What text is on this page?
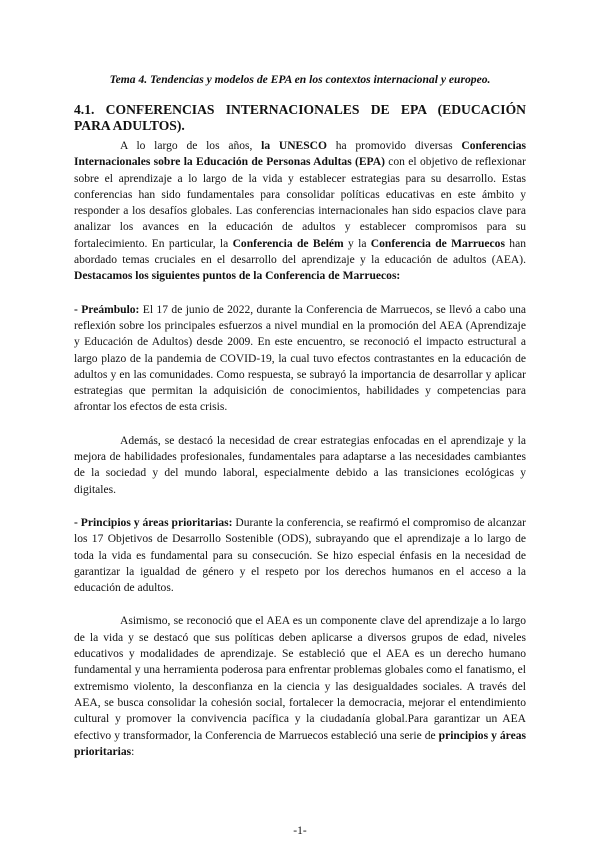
Tema 4. Tendencias y modelos de EPA en los contextos internacional y europeo.

4.1. CONFERENCIAS INTERNACIONALES DE EPA (EDUCACIÓN PARA ADULTOS).

A lo largo de los años, la UNESCO ha promovido diversas Conferencias Internacionales sobre la Educación de Personas Adultas (EPA) con el objetivo de reflexionar sobre el aprendizaje a lo largo de la vida y establecer estrategias para su desarrollo. Estas conferencias han sido fundamentales para consolidar políticas educativas en este ámbito y responder a los desafíos globales. Las conferencias internacionales han sido espacios clave para analizar los avances en la educación de adultos y establecer compromisos para su fortalecimiento. En particular, la Conferencia de Belém y la Conferencia de Marruecos han abordado temas cruciales en el desarrollo del aprendizaje y la educación de adultos (AEA). Destacamos los siguientes puntos de la Conferencia de Marruecos:

- Preámbulo: El 17 de junio de 2022, durante la Conferencia de Marruecos, se llevó a cabo una reflexión sobre los principales esfuerzos a nivel mundial en la promoción del AEA (Aprendizaje y Educación de Adultos) desde 2009. En este encuentro, se reconoció el impacto estructural a largo plazo de la pandemia de COVID-19, la cual tuvo efectos contrastantes en la educación de adultos y en las comunidades. Como respuesta, se subrayó la importancia de desarrollar y aplicar estrategias que permitan la adquisición de conocimientos, habilidades y competencias para afrontar los efectos de esta crisis.

Además, se destacó la necesidad de crear estrategias enfocadas en el aprendizaje y la mejora de habilidades profesionales, fundamentales para adaptarse a las necesidades cambiantes de la sociedad y del mundo laboral, especialmente debido a las transiciones ecológicas y digitales.

- Principios y áreas prioritarias: Durante la conferencia, se reafirmó el compromiso de alcanzar los 17 Objetivos de Desarrollo Sostenible (ODS), subrayando que el aprendizaje a lo largo de toda la vida es fundamental para su consecución. Se hizo especial énfasis en la necesidad de garantizar la igualdad de género y el respeto por los derechos humanos en el acceso a la educación de adultos.

Asimismo, se reconoció que el AEA es un componente clave del aprendizaje a lo largo de la vida y se destacó que sus políticas deben aplicarse a diversos grupos de edad, niveles educativos y modalidades de aprendizaje. Se estableció que el AEA es un derecho humano fundamental y una herramienta poderosa para enfrentar problemas globales como el fanatismo, el extremismo violento, la desconfianza en la ciencia y las desigualdades sociales. A través del AEA, se busca consolidar la cohesión social, fortalecer la democracia, mejorar el entendimiento cultural y promover la convivencia pacífica y la ciudadanía global.Para garantizar un AEA efectivo y transformador, la Conferencia de Marruecos estableció una serie de principios y áreas prioritarias:

-1-
